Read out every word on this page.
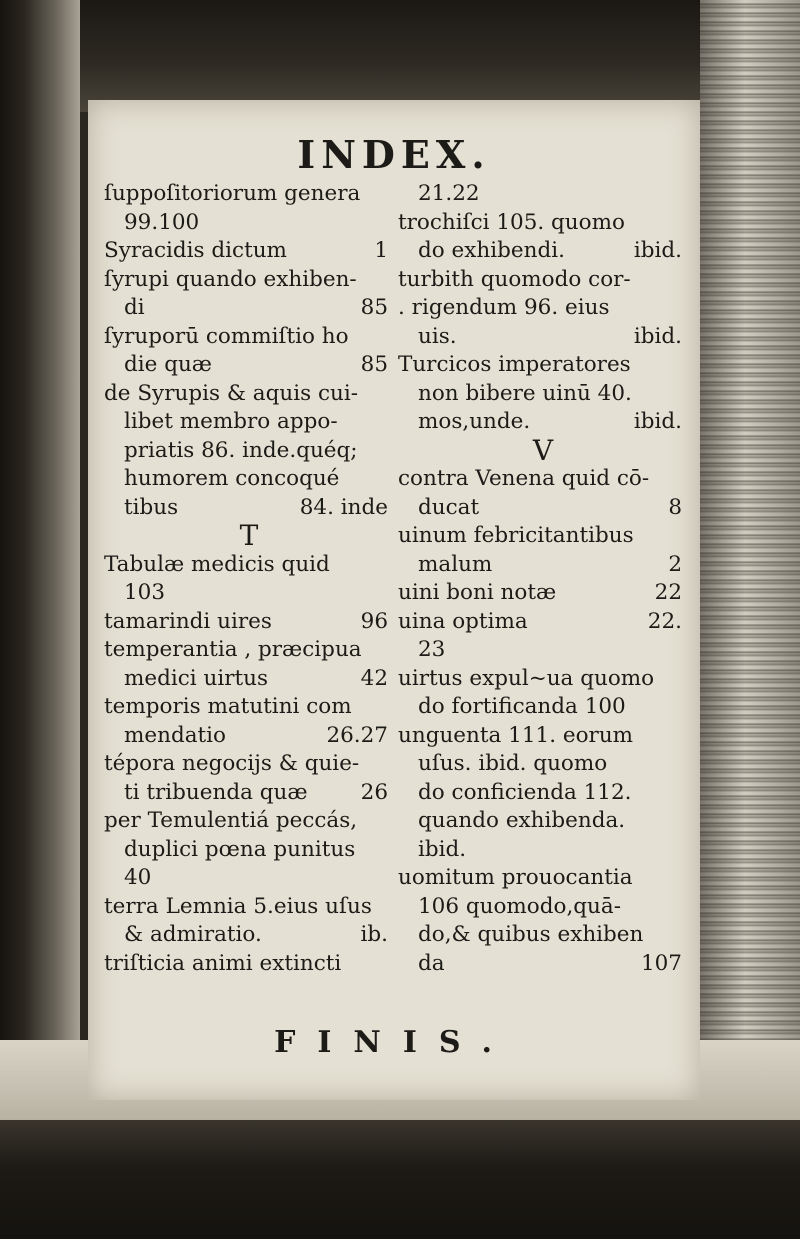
INDEX.
ſuppoſitoriorum genera
99.100
Syracidis dictum	1
ſyrupi quando exhiben-
di	85
ſyruporū commiſtio ho
die quæ	85
de Syrupis & aquis cui-
libet membro appo-
priatis 86. inde.quéq;
humorem concoqué
tibus	84. inde
T
Tabulæ medicis quid
103
tamarindi uires	96
temperantia , præcipua
medici uirtus	42
temporis matutini com
mendatio	26.27
tépora negocijs & quie-
ti tribuenda quæ 26
per Temulentiá peccás,
duplici pœna punitus
40
terra Lemnia 5.eius uſus
& admiratio.	ib.
triſticia animi extincti
21.22
trochiſci 105. quomo
do exhibendi.	ibid.
turbith quomodo cor-
. rigendum 96. eius
uis.	ibid.
Turcicos imperatores
non bibere uinū 40.
mos,unde.	ibid.
V
contra Venena quid cō-
ducat	8
uinum febricitantibus
malum	2
uini boni notæ	22
uina optima	22.
23
uirtus expul~ua quomo
do fortificanda 100
unguenta 111. eorum
uſus. ibid. quomo
do conficienda 112.
quando exhibenda.
ibid.
uomitum prouocantia
106 quomodo,quā-
do,& quibus exhiben
da	107
FINIS.
